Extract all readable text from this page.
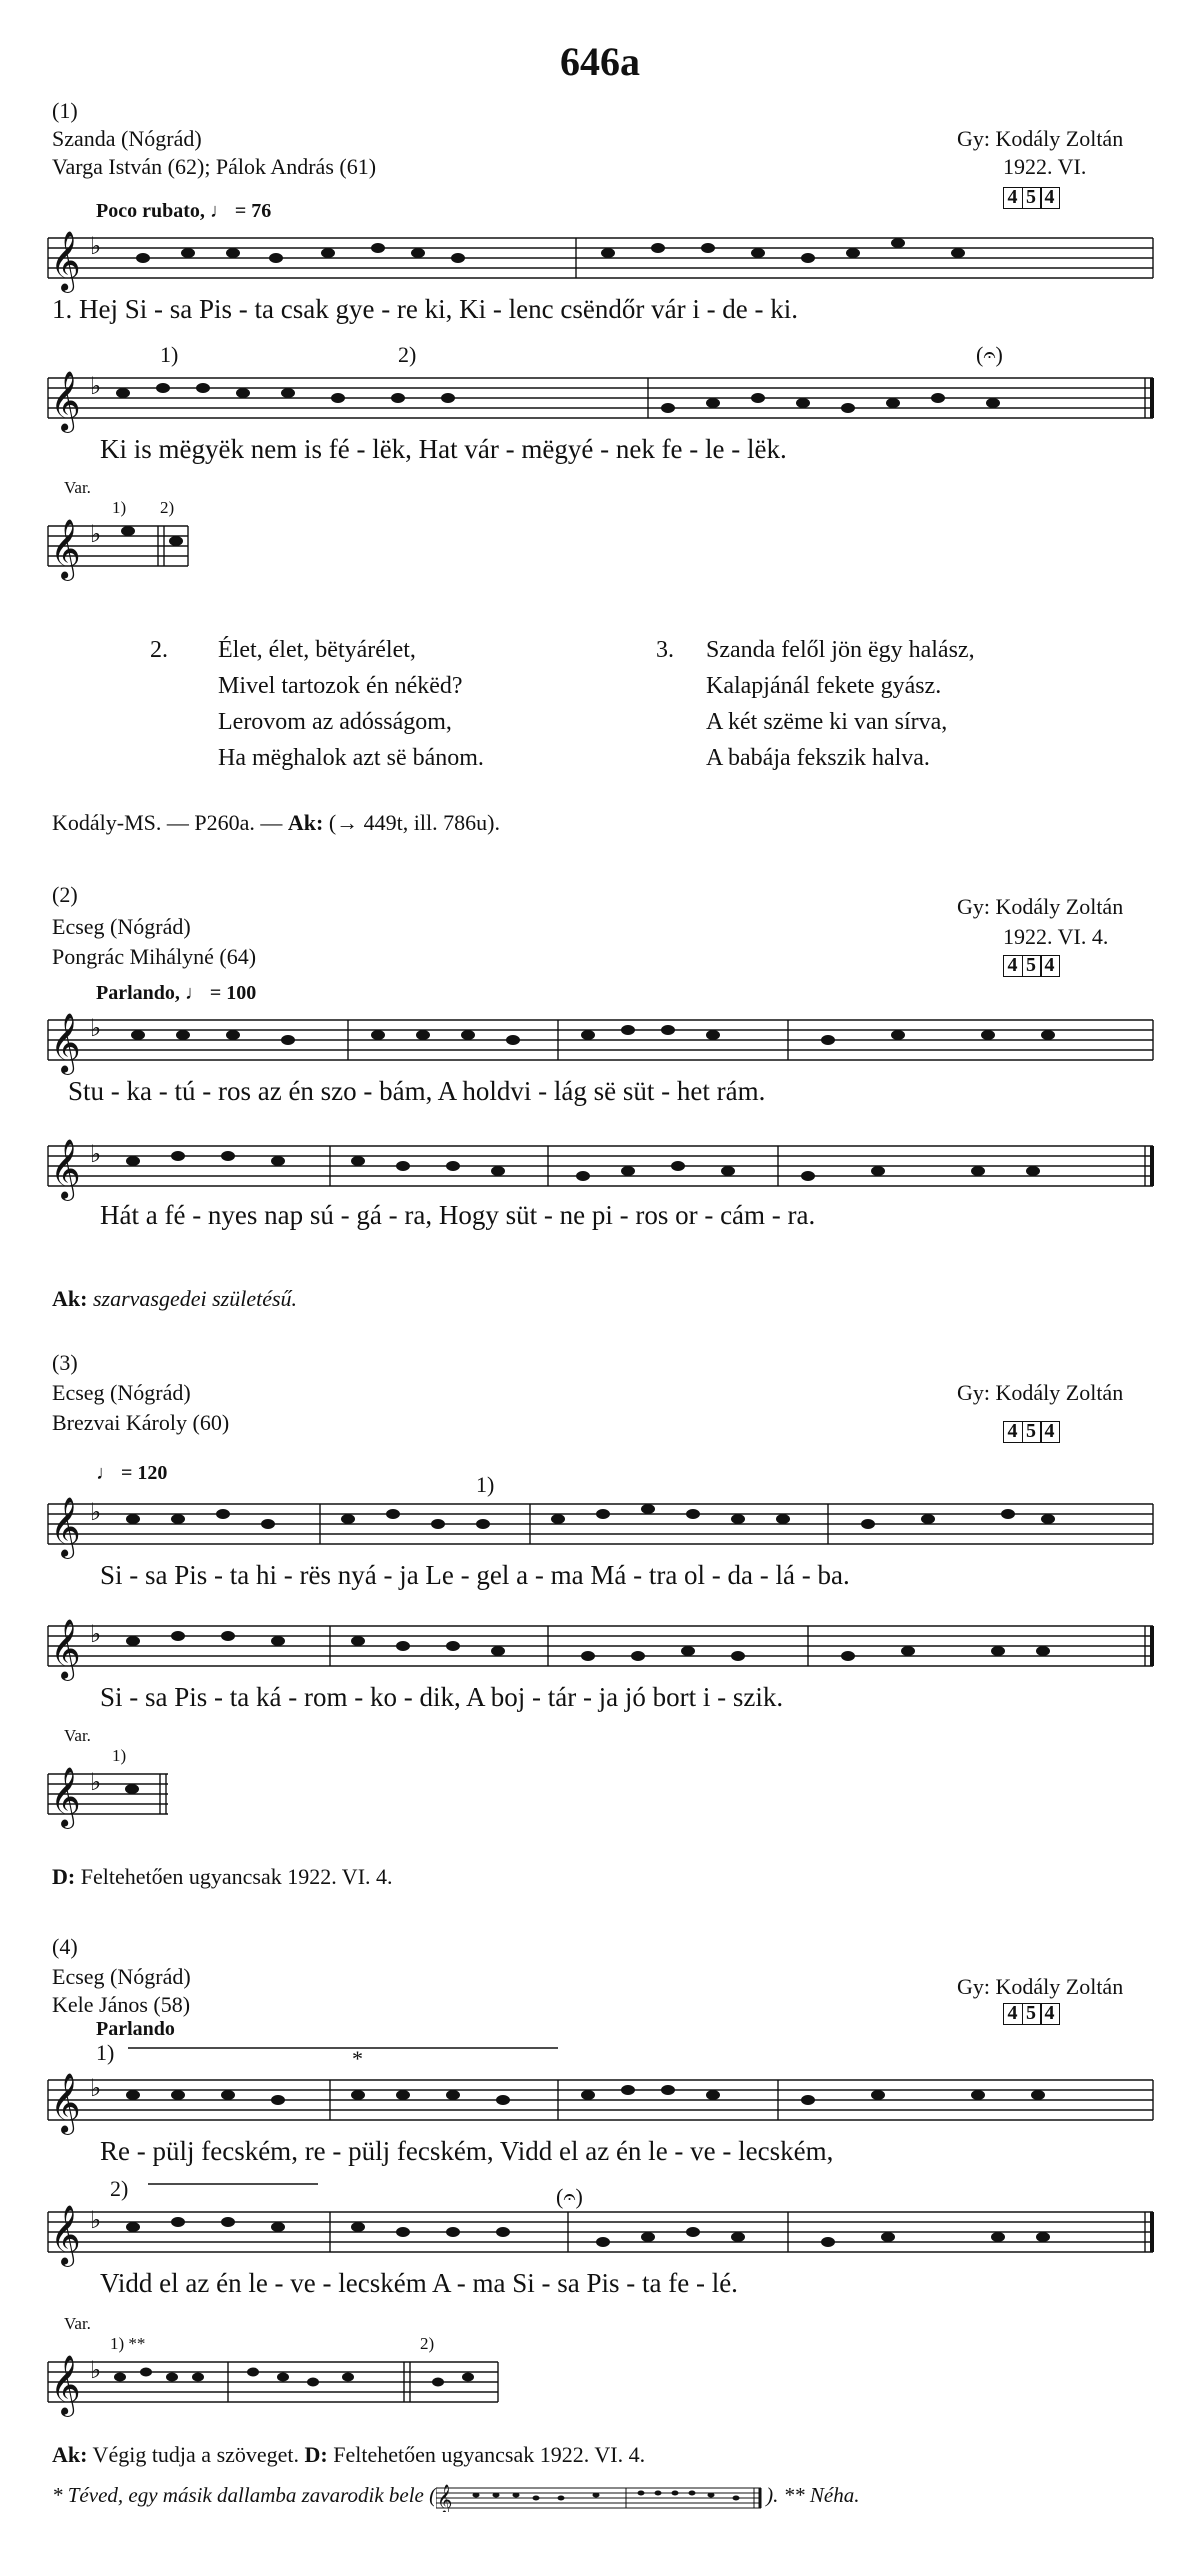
646a
(1)
Szanda (Nógrád)
Varga István (62); Pálok András (61)
Gy: Kodály Zoltán
1922. VI.
4 5 4
Poco rubato, ♩ = 76
𝄞 ♭
1. Hej Si - sa Pis - ta csak gye - re ki, Ki - lenc csëndőr vár i - de - ki.
1)	2)	(𝄐)
𝄞 ♭
Ki is mëgyëk nem is fé - lëk, Hat vár - mëgyé - nek fe - le - lëk.
Var.
1) 2)
𝄞 ♭
2. Élet, élet, bëtyárélet,
Mivel tartozok én nékëd?
Lerovom az adósságom,
Ha mëghalok azt së bánom.
3. Szanda felől jön ëgy halász,
Kalapjánál fekete gyász.
A két szëme ki van sírva,
A babája fekszik halva.
Kodály-MS. — P260a. — Ak: (→ 449t, ill. 786u).
(2)
Ecseg (Nógrád)
Pongrác Mihályné (64)
Gy: Kodály Zoltán
1922. VI. 4.
4 5 4
Parlando, ♩ = 100
𝄞 ♭
Stu - ka - tú - ros az én szo - bám, A holdvi - lág së süt - het rám.
𝄞 ♭
Hát a fé - nyes nap sú - gá - ra, Hogy süt - ne pi - ros or - cám - ra.
Ak: szarvasgedei születésű.
(3)
Ecseg (Nógrád)
Brezvai Károly (60)
Gy: Kodály Zoltán
4 5 4
♩ = 120	1)
𝄞 ♭
Si - sa Pis - ta hi - rës nyá - ja Le - gel a - ma Má - tra ol - da - lá - ba.
𝄞 ♭
Si - sa Pis - ta ká - rom - ko - dik, A boj - tár - ja jó bort i - szik.
Var.
1)
𝄞 ♭
D: Feltehetően ugyancsak 1922. VI. 4.
(4)
Ecseg (Nógrád)
Kele János (58)
Gy: Kodály Zoltán
4 5 4
Parlando
1)	*
𝄞 ♭
Re - pülj fecském, re - pülj fecském, Vidd el az én le - ve - lecském,
2)	(𝄐)
𝄞 ♭
Vidd el az én le - ve - lecském A - ma Si - sa Pis - ta fe - lé.
Var.
1) **	2)
𝄞 ♭
Ak: Végig tudja a szöveget. D: Feltehetően ugyancsak 1922. VI. 4.
* Téved, egy másik dallamba zavarodik bele ( 𝄞	). ** Néha.
